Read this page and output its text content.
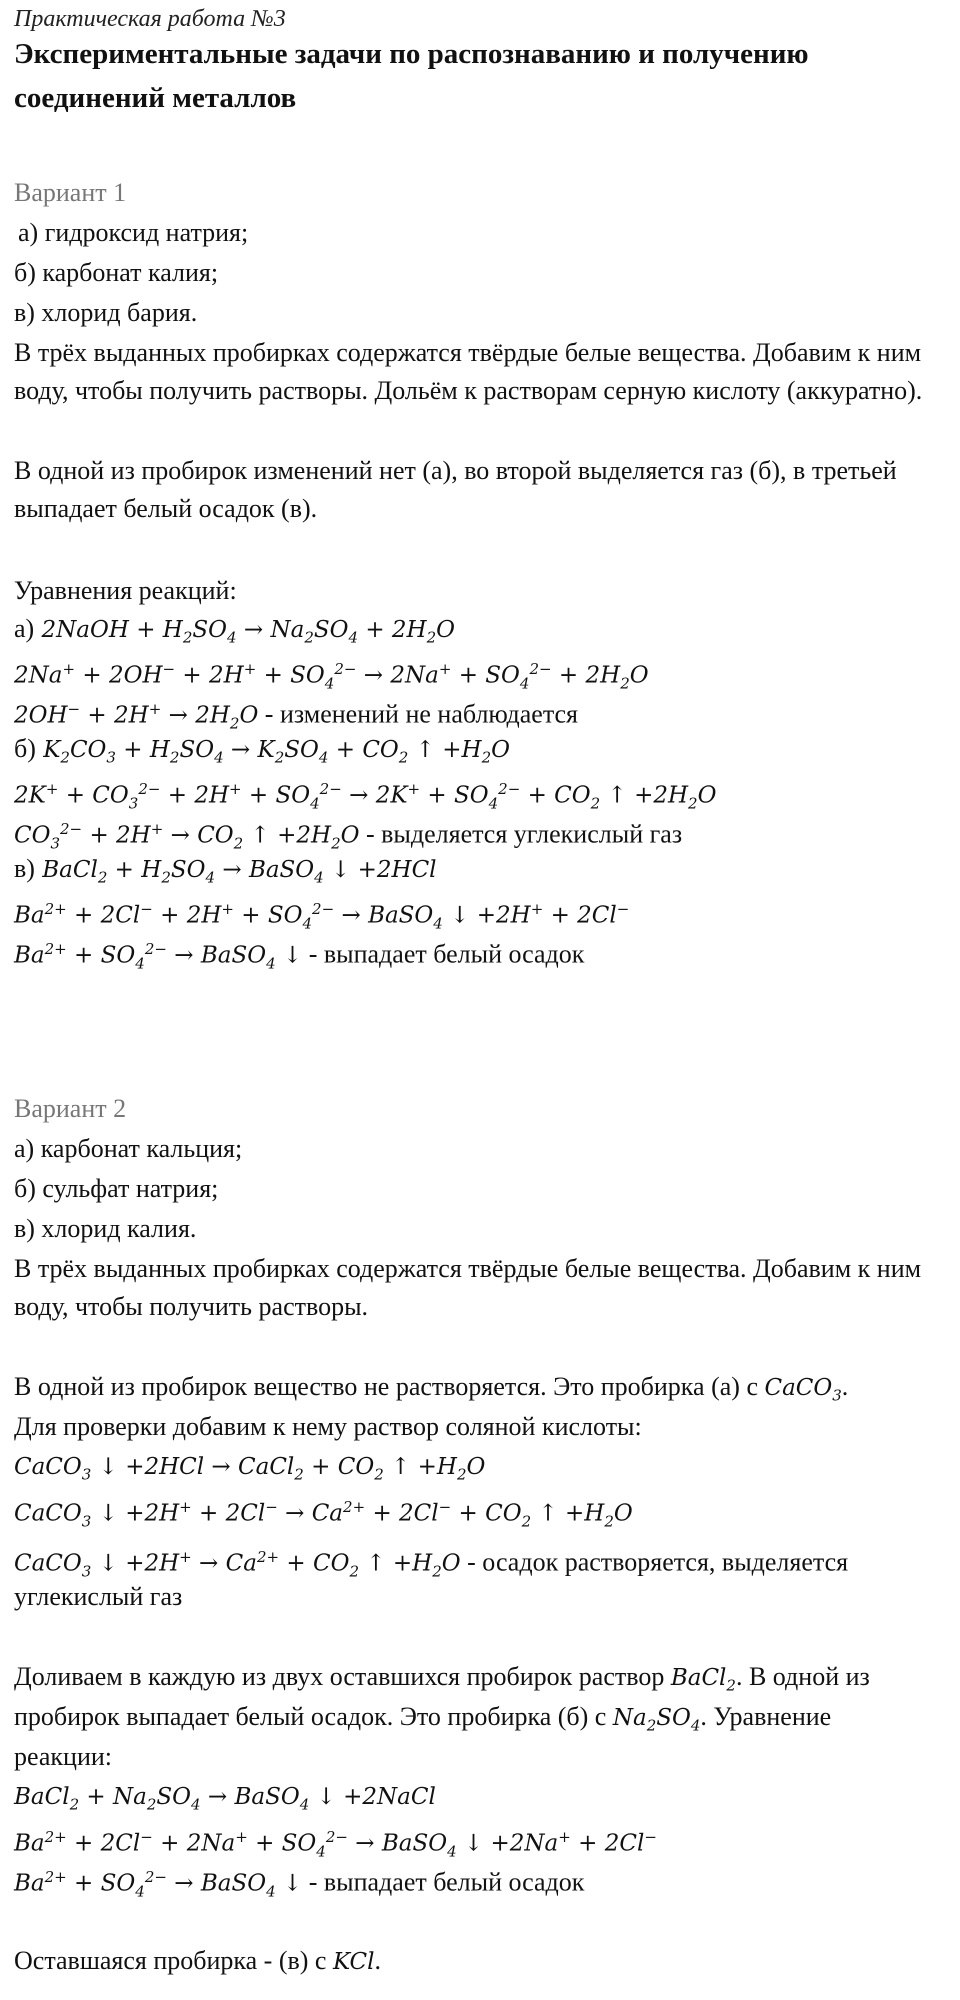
Практическая работа №3
Экспериментальные задачи по распознаванию и получению соединений металлов
Вариант 1
а) гидроксид натрия;
б) карбонат калия;
в) хлорид бария.
В трёх выданных пробирках содержатся твёрдые белые вещества. Добавим к ним воду, чтобы получить растворы. Дольём к растворам серную кислоту (аккуратно).
В одной из пробирок изменений нет (а), во второй выделяется газ (б), в третьей выпадает белый осадок (в).
Уравнения реакций:
а) 2NaOH + $H_2SO_4 \to Na_2SO_4 + 2H_2O$
$2Na^+ + 2OH^- + 2H^+ + SO_4^{2-} \to 2Na^+ + SO_4^{2-} + 2H_2O$
$2OH^- + 2H^+ \to 2H_2O$ - изменений не наблюдается
б) $K_2CO_3 + H_2SO_4 \to K_2SO_4 + CO_2$ ↑ $+H_2O$
$2K^+ + CO_3^{2-} + 2H^+ + SO_4^{2-} \to 2K^+ + SO_4^{2-} + CO_2$ ↑ $+2H_2O$
$CO_3^{2-} + 2H^+ \to CO_2$ ↑ $+2H_2O$ - выделяется углекислый газ
в) BaCl$_2$ + $H_2SO_4$ → BaSO$_4$ ↓ +2HCl
$Ba^{2+} + 2Cl^- + 2H^+ + SO_4^{2-}$ → BaSO$_4$ ↓ +2H+ + 2Cl−
$Ba^{2+} + SO_4^{2-}$ → BaSO$_4$ ↓ - выпадает белый осадок
Вариант 2
а) карбонат кальция;
б) сульфат натрия;
в) хлорид калия.
В трёх выданных пробирках содержатся твёрдые белые вещества. Добавим к ним воду, чтобы получить растворы.
В одной из пробирок вещество не растворяется. Это пробирка (а) с CaCO$_3$.
Для проверки добавим к нему раствор соляной кислоты:
CaCO$_3$ ↓ +2HCl → CaCl$_2$ + $CO_2$ ↑ $+H_2O$
CaCO$_3$ ↓ $+2H^+ + 2Cl^- \to Ca^{2+} + 2Cl^- + CO_2$ ↑ $+H_2O$
CaCO$_3$ ↓ $+2H^+ \to Ca^{2+} + CO_2$ ↑ $+H_2O$ - осадок растворяется, выделяется
углекислый газ
Доливаем в каждую из двух оставшихся пробирок раствор BaCl$_2$. В одной из
пробирок выпадает белый осадок. Это пробирка (б) с $Na_2SO_4$. Уравнение
реакции:
BaCl$_2$ + $Na_2SO_4$ → BaSO$_4$ ↓ +2NaCl
$Ba^{2+} + 2Cl^- + 2Na^+ + SO_4^{2-}$ → BaSO$_4$ ↓ +2Na+ + 2Cl−
$Ba^{2+} + SO_4^{2-}$ → BaSO$_4$ ↓ - выпадает белый осадок
Оставшаяся пробирка - (в) с KCl.
